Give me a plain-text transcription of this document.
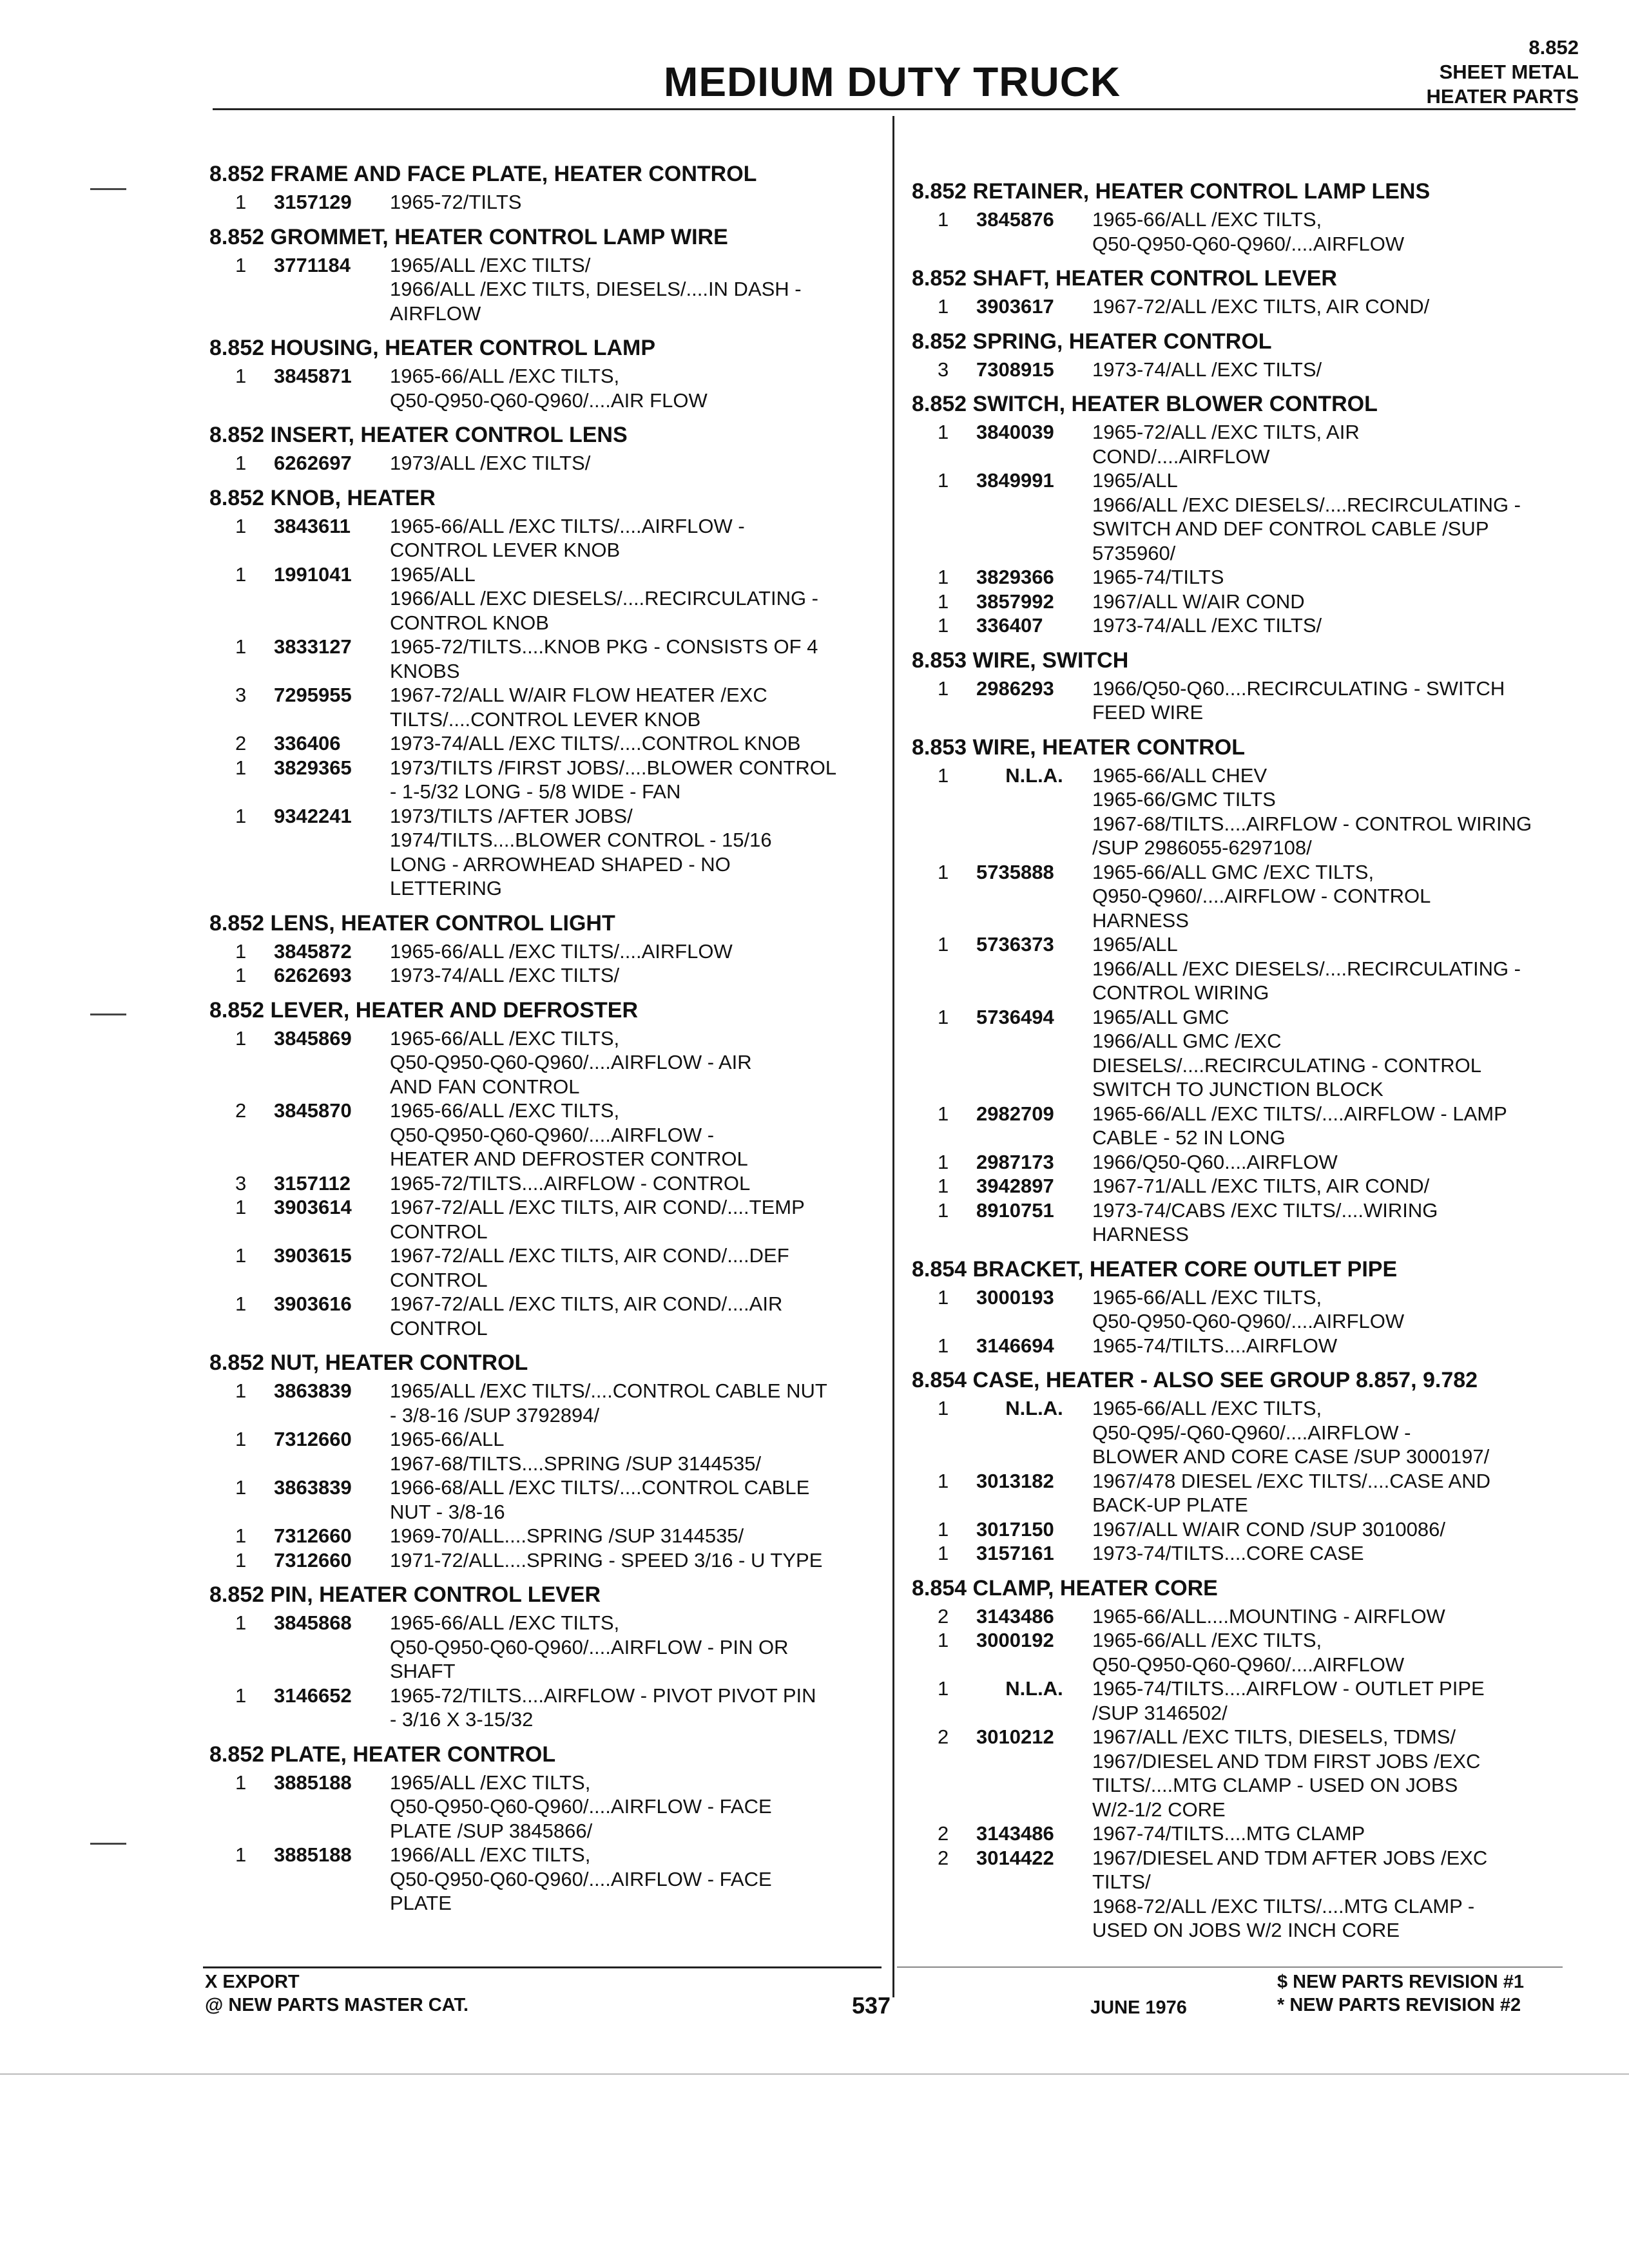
MEDIUM DUTY TRUCK
8.852
SHEET METAL
HEATER PARTS
8.852 FRAME AND FACE PLATE, HEATER CONTROL
1	3157129	1965-72/TILTS
8.852 GROMMET, HEATER CONTROL LAMP WIRE
1	3771184	1965/ALL /EXC TILTS/
1966/ALL /EXC TILTS, DIESELS/....IN DASH - AIRFLOW
8.852 HOUSING, HEATER CONTROL LAMP
1	3845871	1965-66/ALL /EXC TILTS,
Q50-Q950-Q60-Q960/....AIR FLOW
8.852 INSERT, HEATER CONTROL LENS
1	6262697	1973/ALL /EXC TILTS/
8.852 KNOB, HEATER
1	3843611	1965-66/ALL /EXC TILTS/....AIRFLOW -
CONTROL LEVER KNOB
1	1991041	1965/ALL
1966/ALL /EXC DIESELS/....RECIRCULATING -
CONTROL KNOB
1	3833127	1965-72/TILTS....KNOB PKG - CONSISTS OF 4
KNOBS
3	7295955	1967-72/ALL W/AIR FLOW HEATER /EXC
TILTS/....CONTROL LEVER KNOB
2	336406	1973-74/ALL /EXC TILTS/....CONTROL KNOB
1	3829365	1973/TILTS /FIRST JOBS/....BLOWER CONTROL
- 1-5/32 LONG - 5/8 WIDE - FAN
1	9342241	1973/TILTS /AFTER JOBS/
1974/TILTS....BLOWER CONTROL - 15/16
LONG - ARROWHEAD SHAPED - NO
LETTERING
8.852 LENS, HEATER CONTROL LIGHT
1	3845872	1965-66/ALL /EXC TILTS/....AIRFLOW
1	6262693	1973-74/ALL /EXC TILTS/
8.852 LEVER, HEATER AND DEFROSTER
1	3845869	1965-66/ALL /EXC TILTS,
Q50-Q950-Q60-Q960/....AIRFLOW - AIR
AND FAN CONTROL
2	3845870	1965-66/ALL /EXC TILTS,
Q50-Q950-Q60-Q960/....AIRFLOW -
HEATER AND DEFROSTER CONTROL
3	3157112	1965-72/TILTS....AIRFLOW - CONTROL
1	3903614	1967-72/ALL /EXC TILTS, AIR COND/....TEMP
CONTROL
1	3903615	1967-72/ALL /EXC TILTS, AIR COND/....DEF
CONTROL
1	3903616	1967-72/ALL /EXC TILTS, AIR COND/....AIR
CONTROL
8.852 NUT, HEATER CONTROL
1	3863839	1965/ALL /EXC TILTS/....CONTROL CABLE NUT
- 3/8-16 /SUP 3792894/
1	7312660	1965-66/ALL
1967-68/TILTS....SPRING /SUP 3144535/
1	3863839	1966-68/ALL /EXC TILTS/....CONTROL CABLE
NUT - 3/8-16
1	7312660	1969-70/ALL....SPRING /SUP 3144535/
1	7312660	1971-72/ALL....SPRING - SPEED 3/16 - U TYPE
8.852 PIN, HEATER CONTROL LEVER
1	3845868	1965-66/ALL /EXC TILTS,
Q50-Q950-Q60-Q960/....AIRFLOW - PIN OR
SHAFT
1	3146652	1965-72/TILTS....AIRFLOW - PIVOT PIVOT PIN
- 3/16 X 3-15/32
8.852 PLATE, HEATER CONTROL
1	3885188	1965/ALL /EXC TILTS,
Q50-Q950-Q60-Q960/....AIRFLOW - FACE
PLATE /SUP 3845866/
1	3885188	1966/ALL /EXC TILTS,
Q50-Q950-Q60-Q960/....AIRFLOW - FACE
PLATE
8.852 RETAINER, HEATER CONTROL LAMP LENS
1	3845876	1965-66/ALL /EXC TILTS,
Q50-Q950-Q60-Q960/....AIRFLOW
8.852 SHAFT, HEATER CONTROL LEVER
1	3903617	1967-72/ALL /EXC TILTS, AIR COND/
8.852 SPRING, HEATER CONTROL
3	7308915	1973-74/ALL /EXC TILTS/
8.852 SWITCH, HEATER BLOWER CONTROL
1	3840039	1965-72/ALL /EXC TILTS, AIR
COND/....AIRFLOW
1	3849991	1965/ALL
1966/ALL /EXC DIESELS/....RECIRCULATING -
SWITCH AND DEF CONTROL CABLE /SUP
5735960/
1	3829366	1965-74/TILTS
1	3857992	1967/ALL W/AIR COND
1	336407	1973-74/ALL /EXC TILTS/
8.853 WIRE, SWITCH
1	2986293	1966/Q50-Q60....RECIRCULATING - SWITCH
FEED WIRE
8.853 WIRE, HEATER CONTROL
1	N.L.A.	1965-66/ALL CHEV
1965-66/GMC TILTS
1967-68/TILTS....AIRFLOW - CONTROL WIRING
/SUP 2986055-6297108/
1	5735888	1965-66/ALL GMC /EXC TILTS,
Q950-Q960/....AIRFLOW - CONTROL
HARNESS
1	5736373	1965/ALL
1966/ALL /EXC DIESELS/....RECIRCULATING -
CONTROL WIRING
1	5736494	1965/ALL GMC
1966/ALL GMC /EXC
DIESELS/....RECIRCULATING - CONTROL
SWITCH TO JUNCTION BLOCK
1	2982709	1965-66/ALL /EXC TILTS/....AIRFLOW - LAMP
CABLE - 52 IN LONG
1	2987173	1966/Q50-Q60....AIRFLOW
1	3942897	1967-71/ALL /EXC TILTS, AIR COND/
1	8910751	1973-74/CABS /EXC TILTS/....WIRING
HARNESS
8.854 BRACKET, HEATER CORE OUTLET PIPE
1	3000193	1965-66/ALL /EXC TILTS,
Q50-Q950-Q60-Q960/....AIRFLOW
1	3146694	1965-74/TILTS....AIRFLOW
8.854 CASE, HEATER - ALSO SEE GROUP 8.857, 9.782
1	N.L.A.	1965-66/ALL /EXC TILTS,
Q50-Q95/-Q60-Q960/....AIRFLOW -
BLOWER AND CORE CASE /SUP 3000197/
1	3013182	1967/478 DIESEL /EXC TILTS/....CASE AND
BACK-UP PLATE
1	3017150	1967/ALL W/AIR COND /SUP 3010086/
1	3157161	1973-74/TILTS....CORE CASE
8.854 CLAMP, HEATER CORE
2	3143486	1965-66/ALL....MOUNTING - AIRFLOW
1	3000192	1965-66/ALL /EXC TILTS,
Q50-Q950-Q60-Q960/....AIRFLOW
1	N.L.A.	1965-74/TILTS....AIRFLOW - OUTLET PIPE
/SUP 3146502/
2	3010212	1967/ALL /EXC TILTS, DIESELS, TDMS/
1967/DIESEL AND TDM FIRST JOBS /EXC
TILTS/....MTG CLAMP - USED ON JOBS
W/2-1/2 CORE
2	3143486	1967-74/TILTS....MTG CLAMP
2	3014422	1967/DIESEL AND TDM AFTER JOBS /EXC
TILTS/
1968-72/ALL /EXC TILTS/....MTG CLAMP -
USED ON JOBS W/2 INCH CORE
X EXPORT
@ NEW PARTS MASTER CAT.	537	JUNE 1976
$ NEW PARTS REVISION #1
* NEW PARTS REVISION #2
